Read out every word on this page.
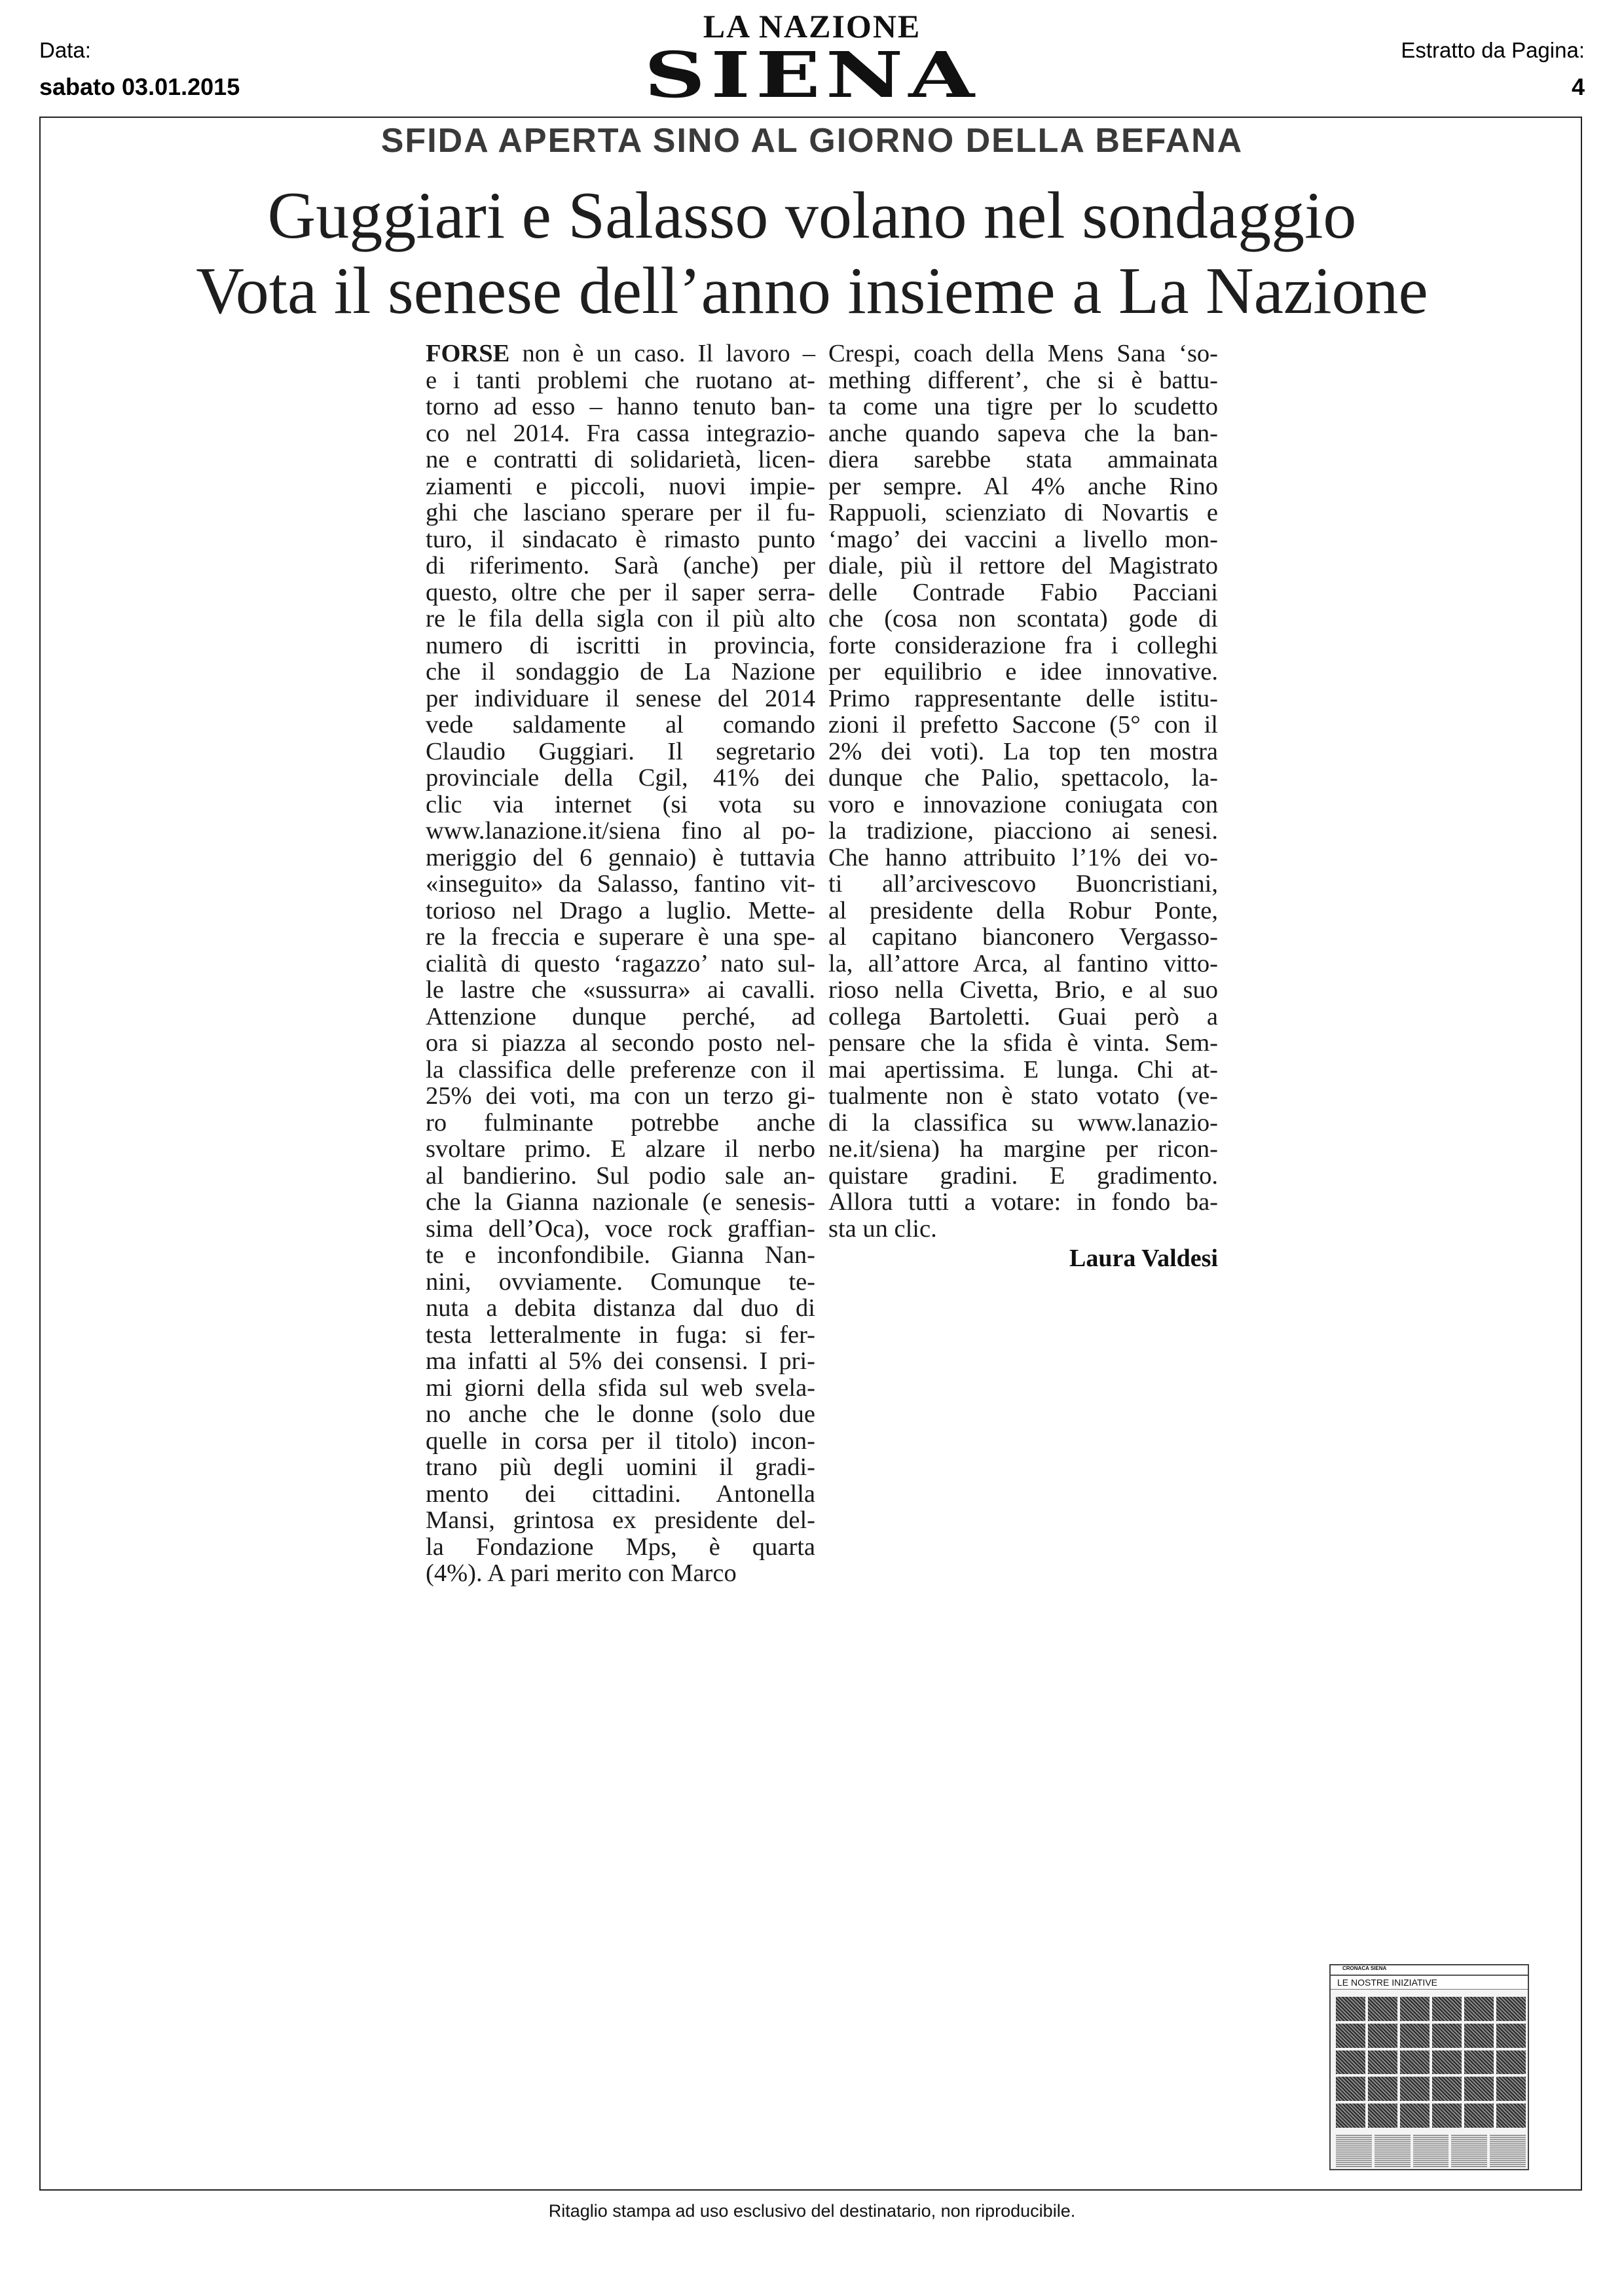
Data:
sabato 03.01.2015
Estratto da Pagina:
4
LA NAZIONE
SIENA
SFIDA APERTA SINO AL GIORNO DELLA BEFANA
Guggiari e Salasso volano nel sondaggio
Vota il senese dell’anno insieme a La Nazione
FORSE non è un caso. Il lavoro –
e i tanti problemi che ruotano at-
torno ad esso – hanno tenuto ban-
co nel 2014. Fra cassa integrazio-
ne e contratti di solidarietà, licen-
ziamenti e piccoli, nuovi impie-
ghi che lasciano sperare per il fu-
turo, il sindacato è rimasto punto
di riferimento. Sarà (anche) per
questo, oltre che per il saper serra-
re le fila della sigla con il più alto
numero di iscritti in provincia,
che il sondaggio de La Nazione
per individuare il senese del 2014
vede saldamente al comando
Claudio Guggiari. Il segretario
provinciale della Cgil, 41% dei
clic via internet (si vota su
www.lanazione.it/siena fino al po-
meriggio del 6 gennaio) è tuttavia
«inseguito» da Salasso, fantino vit-
torioso nel Drago a luglio. Mette-
re la freccia e superare è una spe-
cialità di questo ‘ragazzo’ nato sul-
le lastre che «sussurra» ai cavalli.
Attenzione dunque perché, ad
ora si piazza al secondo posto nel-
la classifica delle preferenze con il
25% dei voti, ma con un terzo gi-
ro fulminante potrebbe anche
svoltare primo. E alzare il nerbo
al bandierino. Sul podio sale an-
che la Gianna nazionale (e senesis-
sima dell’Oca), voce rock graffian-
te e inconfondibile. Gianna Nan-
nini, ovviamente. Comunque te-
nuta a debita distanza dal duo di
testa letteralmente in fuga: si fer-
ma infatti al 5% dei consensi. I pri-
mi giorni della sfida sul web svela-
no anche che le donne (solo due
quelle in corsa per il titolo) incon-
trano più degli uomini il gradi-
mento dei cittadini. Antonella
Mansi, grintosa ex presidente del-
la Fondazione Mps, è quarta
(4%). A pari merito con Marco
Crespi, coach della Mens Sana ‘so-
mething different’, che si è battu-
ta come una tigre per lo scudetto
anche quando sapeva che la ban-
diera sarebbe stata ammainata
per sempre. Al 4% anche Rino
Rappuoli, scienziato di Novartis e
‘mago’ dei vaccini a livello mon-
diale, più il rettore del Magistrato
delle Contrade Fabio Pacciani
che (cosa non scontata) gode di
forte considerazione fra i colleghi
per equilibrio e idee innovative.
Primo rappresentante delle istitu-
zioni il prefetto Saccone (5° con il
2% dei voti). La top ten mostra
dunque che Palio, spettacolo, la-
voro e innovazione coniugata con
la tradizione, piacciono ai senesi.
Che hanno attribuito l’1% dei vo-
ti all’arcivescovo Buoncristiani,
al presidente della Robur Ponte,
al capitano bianconero Vergasso-
la, all’attore Arca, al fantino vitto-
rioso nella Civetta, Brio, e al suo
collega Bartoletti. Guai però a
pensare che la sfida è vinta. Sem-
mai apertissima. E lunga. Chi at-
tualmente non è stato votato (ve-
di la classifica su www.lanazio-
ne.it/siena) ha margine per ricon-
quistare gradini. E gradimento.
Allora tutti a votare: in fondo ba-
sta un clic.
Laura Valdesi
CRONACA SIENA
LE NOSTRE INIZIATIVE
Ritaglio stampa ad uso esclusivo del destinatario, non riproducibile.
